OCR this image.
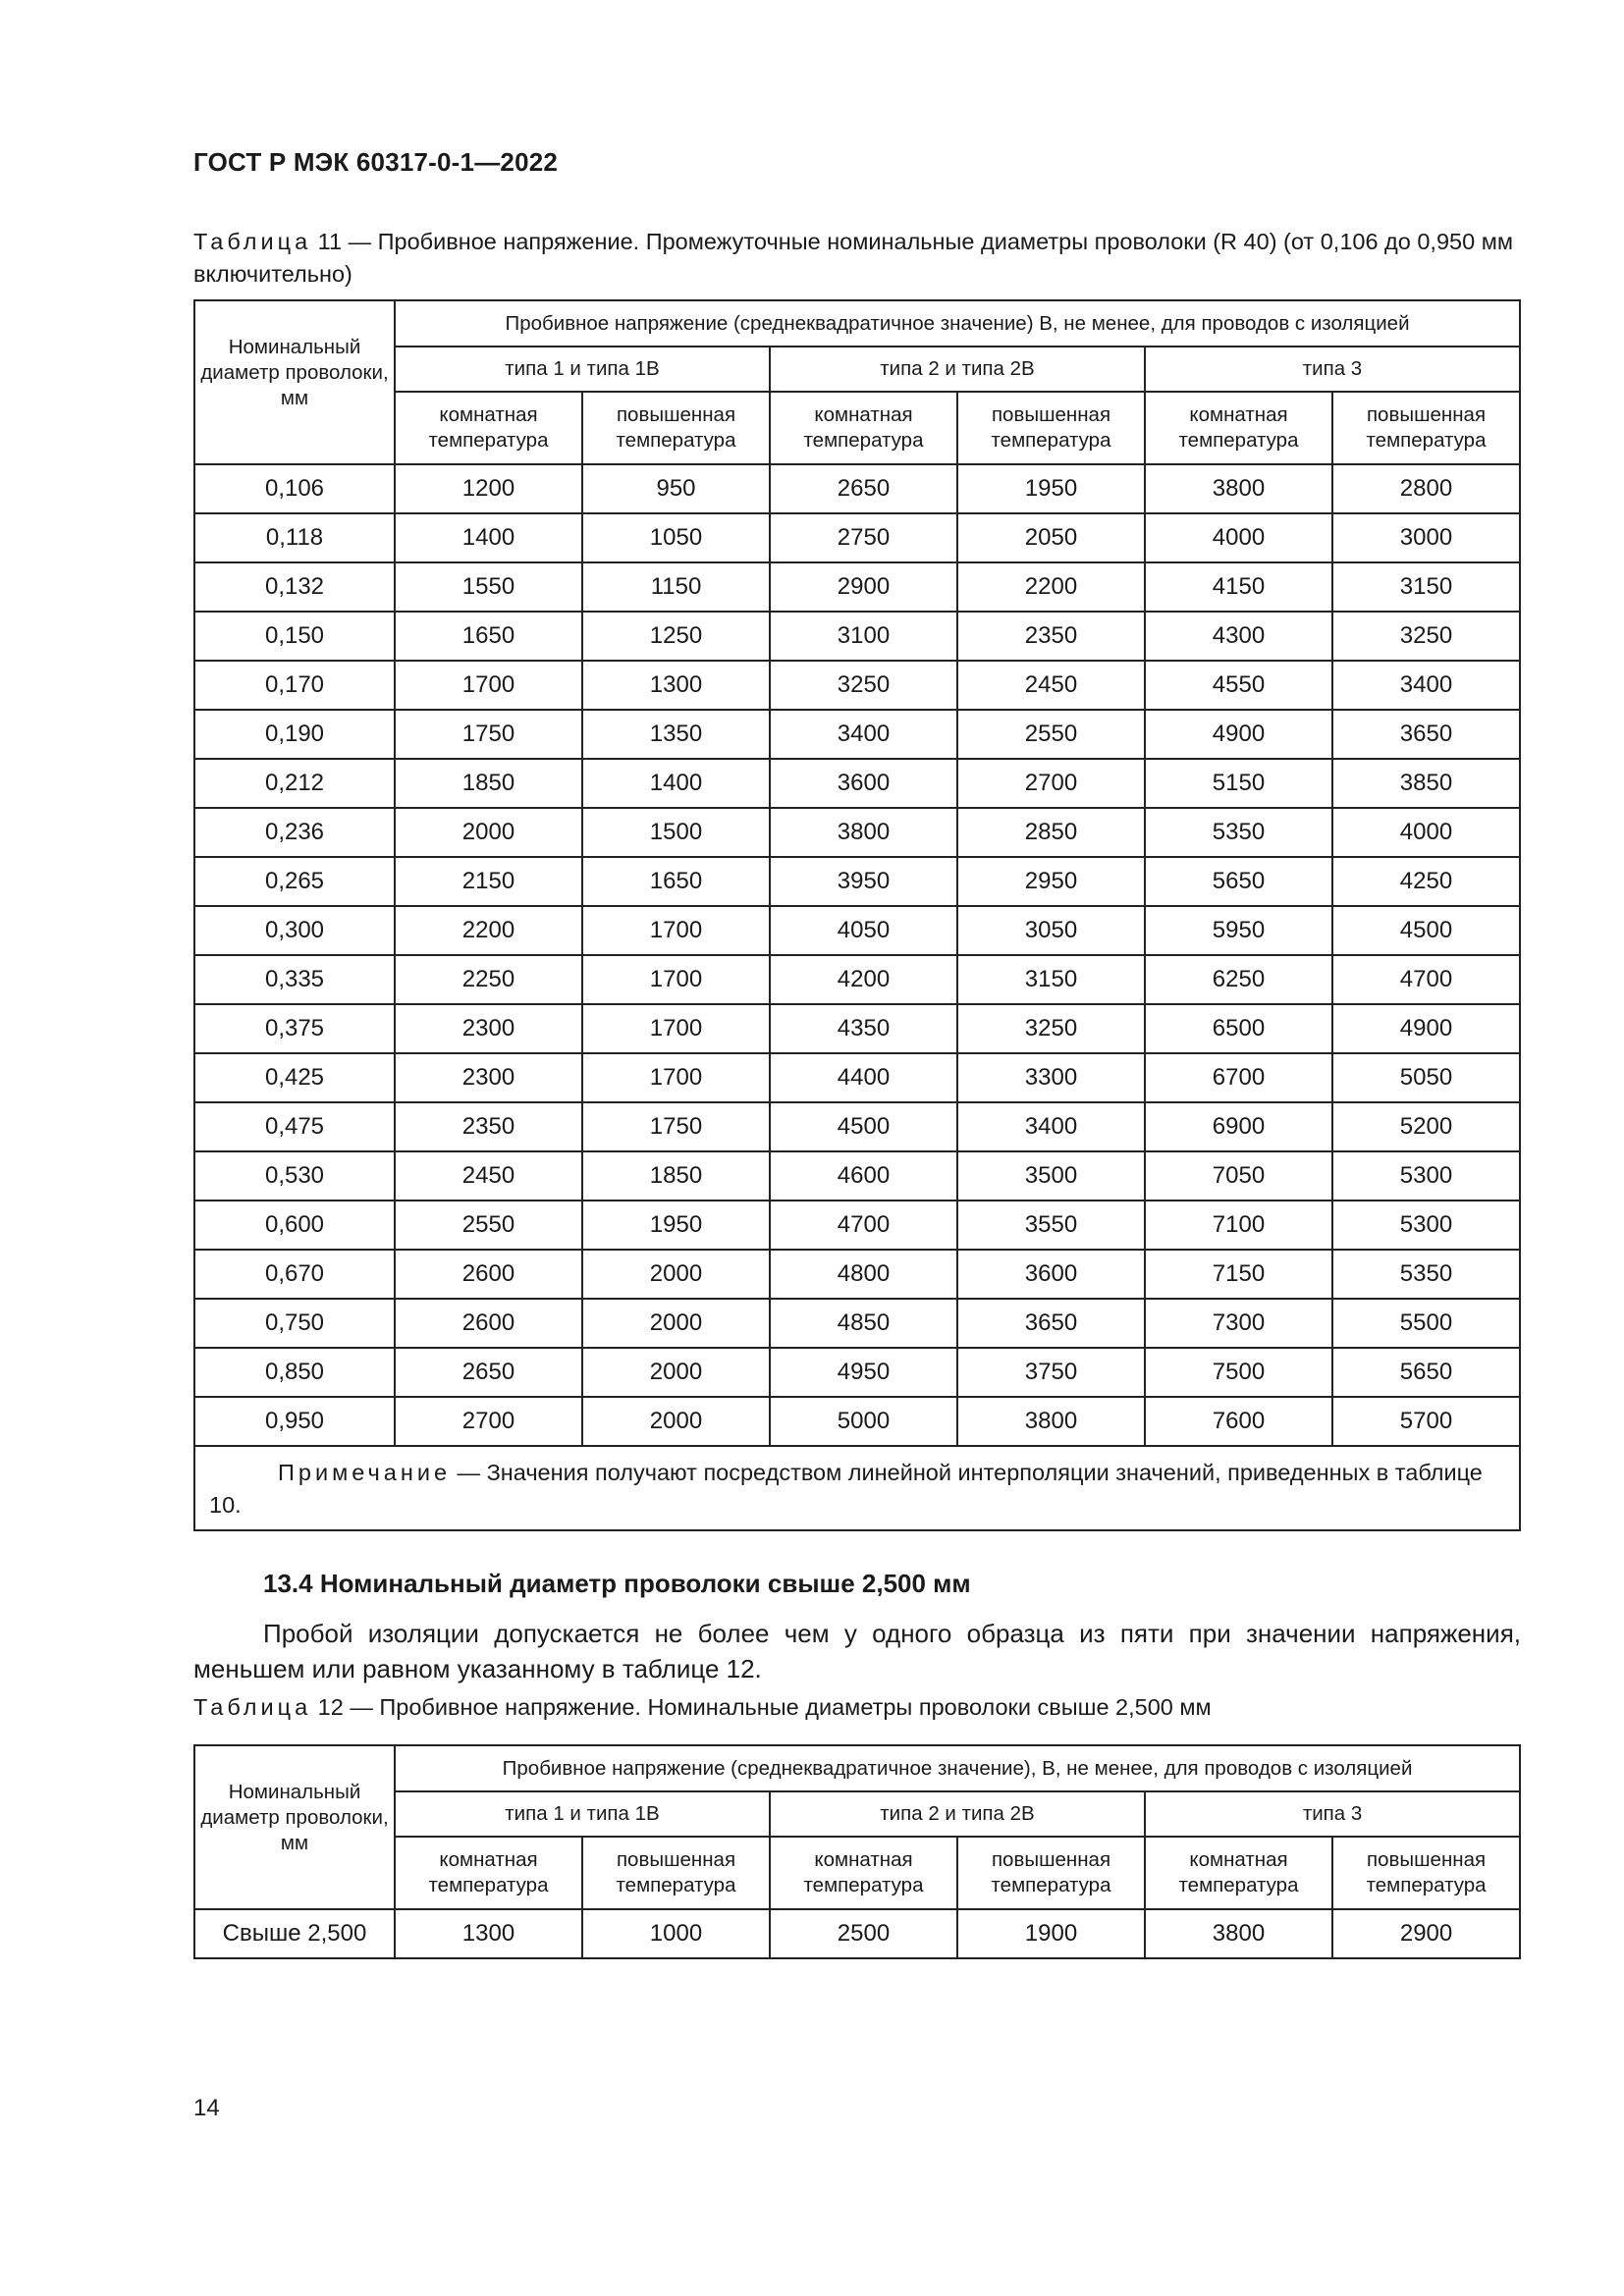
ГОСТ Р МЭК 60317-0-1—2022
Таблица 11 — Пробивное напряжение. Промежуточные номинальные диаметры проволоки (R 40) (от 0,106 до 0,950 мм включительно)
Номинальный диаметр проволоки, мм	Пробивное напряжение (среднеквадратичное значение) В, не менее, для проводов с изоляцией					
	типа 1 и типа 1В		типа 2 и типа 2В		типа 3	
	комнатная температура	повышенная температура	комнатная температура	повышенная температура	комнатная температура	повышенная температура
0,106	1200	950	2650	1950	3800	2800
0,118	1400	1050	2750	2050	4000	3000
0,132	1550	1150	2900	2200	4150	3150
0,150	1650	1250	3100	2350	4300	3250
0,170	1700	1300	3250	2450	4550	3400
0,190	1750	1350	3400	2550	4900	3650
0,212	1850	1400	3600	2700	5150	3850
0,236	2000	1500	3800	2850	5350	4000
0,265	2150	1650	3950	2950	5650	4250
0,300	2200	1700	4050	3050	5950	4500
0,335	2250	1700	4200	3150	6250	4700
0,375	2300	1700	4350	3250	6500	4900
0,425	2300	1700	4400	3300	6700	5050
0,475	2350	1750	4500	3400	6900	5200
0,530	2450	1850	4600	3500	7050	5300
0,600	2550	1950	4700	3550	7100	5300
0,670	2600	2000	4800	3600	7150	5350
0,750	2600	2000	4850	3650	7300	5500
0,850	2650	2000	4950	3750	7500	5650
0,950	2700	2000	5000	3800	7600	5700
Примечание — Значения получают посредством линейной интерполяции значений, приведенных в таблице 10.						
13.4 Номинальный диаметр проволоки свыше 2,500 мм
Пробой изоляции допускается не более чем у одного образца из пяти при значении напряжения, меньшем или равном указанному в таблице 12.
Таблица 12 — Пробивное напряжение. Номинальные диаметры проволоки свыше 2,500 мм
Номинальный диаметр проволоки, мм	Пробивное напряжение (среднеквадратичное значение), В, не менее, для проводов с изоляцией					
	типа 1 и типа 1В		типа 2 и типа 2В		типа 3	
	комнатная температура	повышенная температура	комнатная температура	повышенная температура	комнатная температура	повышенная температура
Свыше 2,500	1300	1000	2500	1900	3800	2900
14
